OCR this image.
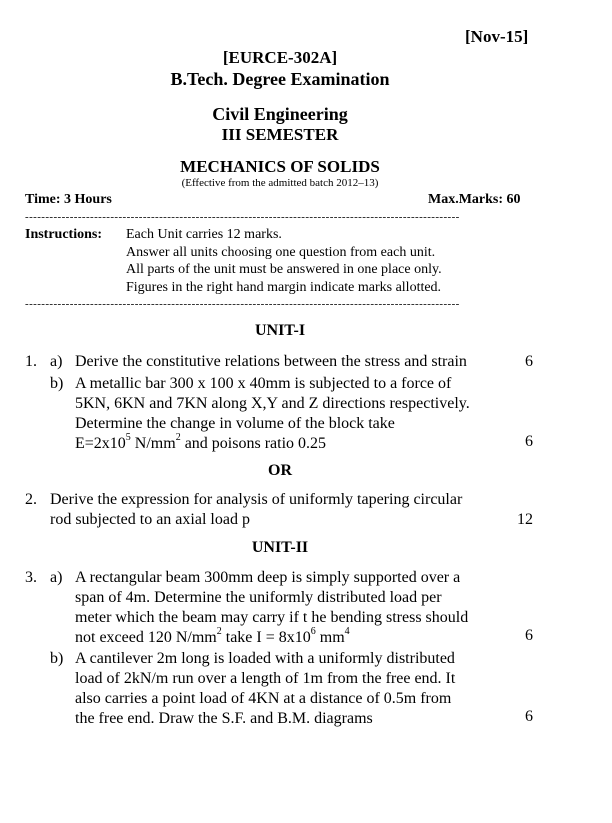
[Nov-15]
[EURCE-302A]
B.Tech. Degree Examination
Civil Engineering
III SEMESTER
MECHANICS OF SOLIDS
(Effective from the admitted batch 2012–13)
Time: 3 Hours	Max.Marks: 60
-----------------------------------------------------------------------------------------------------------
Instructions: Each Unit carries 12 marks.
Answer all units choosing one question from each unit.
All parts of the unit must be answered in one place only.
Figures in the right hand margin indicate marks allotted.
-----------------------------------------------------------------------------------------------------------
UNIT-I
1. a) Derive the constitutive relations between the stress and strain	6
b) A metallic bar 300 x 100 x 40mm is subjected to a force of
5KN, 6KN and 7KN along X,Y and Z directions respectively.
Determine the change in volume of the block take
$E=2x10^5$ $N/mm^2$ and poisons ratio 0.25	6
OR
2. Derive the expression for analysis of uniformly tapering circular
rod subjected to an axial load p	12
UNIT-II
3. a) A rectangular beam 300mm deep is simply supported over a
span of 4m. Determine the uniformly distributed load per
meter which the beam may carry if t he bending stress should
not exceed 120 $N/mm^2$ take $I = 8x10^6$ $mm^4$	6
b) A cantilever 2m long is loaded with a uniformly distributed
load of 2kN/m run over a length of 1m from the free end. It
also carries a point load of 4KN at a distance of 0.5m from
the free end. Draw the S.F. and B.M. diagrams	6
